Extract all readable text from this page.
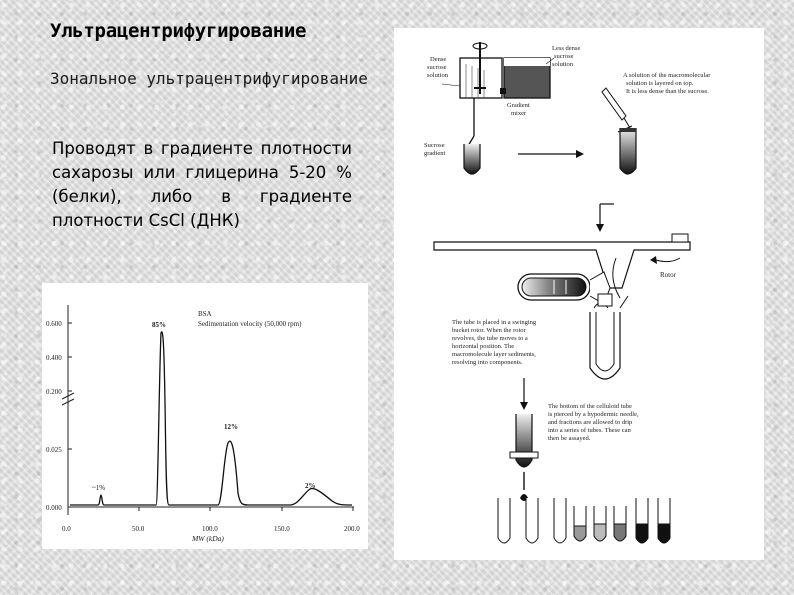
Ультрацентрифугирование
Зональное ультрацентрифугирование
Проводят в градиенте плотности сахарозы или глицерина 5-20 % (белки), либо в градиенте плотности CsCl (ДНК)
0.600
0.400
0.200
0.025
0.000
0.0	50.0	100.0	150.0	200.0
MW (kDa)
BSA
Sedimentation velocity (50,000 rpm)
~1%
85%
12%
2%
Dense
sucrose
solution
Less dense
sucrose
solution
Gradient
mixer
Sucrose
gradient
A solution of the macromolecular
solution is layered on top.
It is less dense than the sucrose.
Rotor
The tube is placed in a swinging
bucket rotor. When the rotor
revolves, the tube moves to a
horizontal position. The
macromolecule layer sediments,
resolving into components.
The bottom of the celluloid tube
is pierced by a hypodermic needle,
and fractions are allowed to drip
into a series of tubes. These can
then be assayed.
